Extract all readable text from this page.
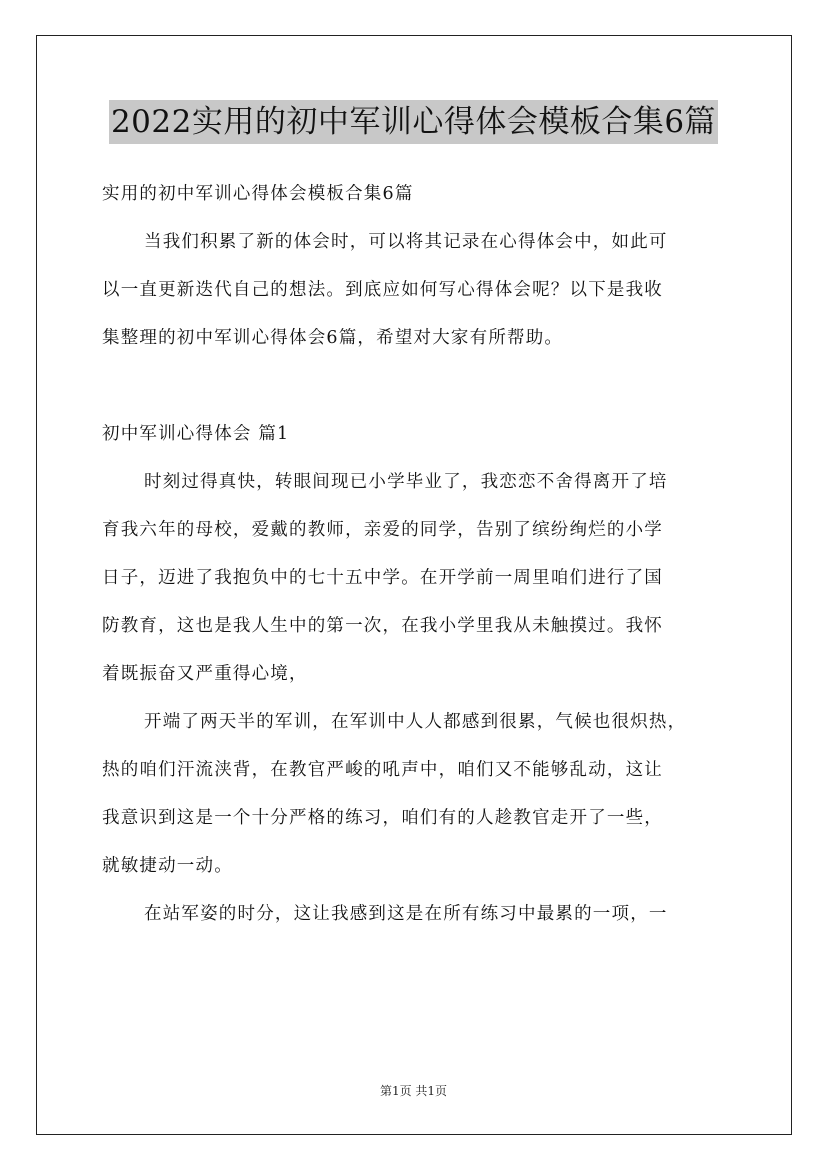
2022实用的初中军训心得体会模板合集6篇
实用的初中军训心得体会模板合集6篇
当我们积累了新的体会时，可以将其记录在心得体会中，如此可
以一直更新迭代自己的想法。到底应如何写心得体会呢？以下是我收
集整理的初中军训心得体会6篇，希望对大家有所帮助。
初中军训心得体会 篇1
时刻过得真快，转眼间现已小学毕业了，我恋恋不舍得离开了培
育我六年的母校，爱戴的教师，亲爱的同学，告别了缤纷绚烂的小学
日子，迈进了我抱负中的七十五中学。在开学前一周里咱们进行了国
防教育，这也是我人生中的第一次，在我小学里我从未触摸过。我怀
着既振奋又严重得心境，
开端了两天半的军训，在军训中人人都感到很累，气候也很炽热，
热的咱们汗流浃背，在教官严峻的吼声中，咱们又不能够乱动，这让
我意识到这是一个十分严格的练习，咱们有的人趁教官走开了一些，
就敏捷动一动。
在站军姿的时分，这让我感到这是在所有练习中最累的一项，一
第1页 共1页
